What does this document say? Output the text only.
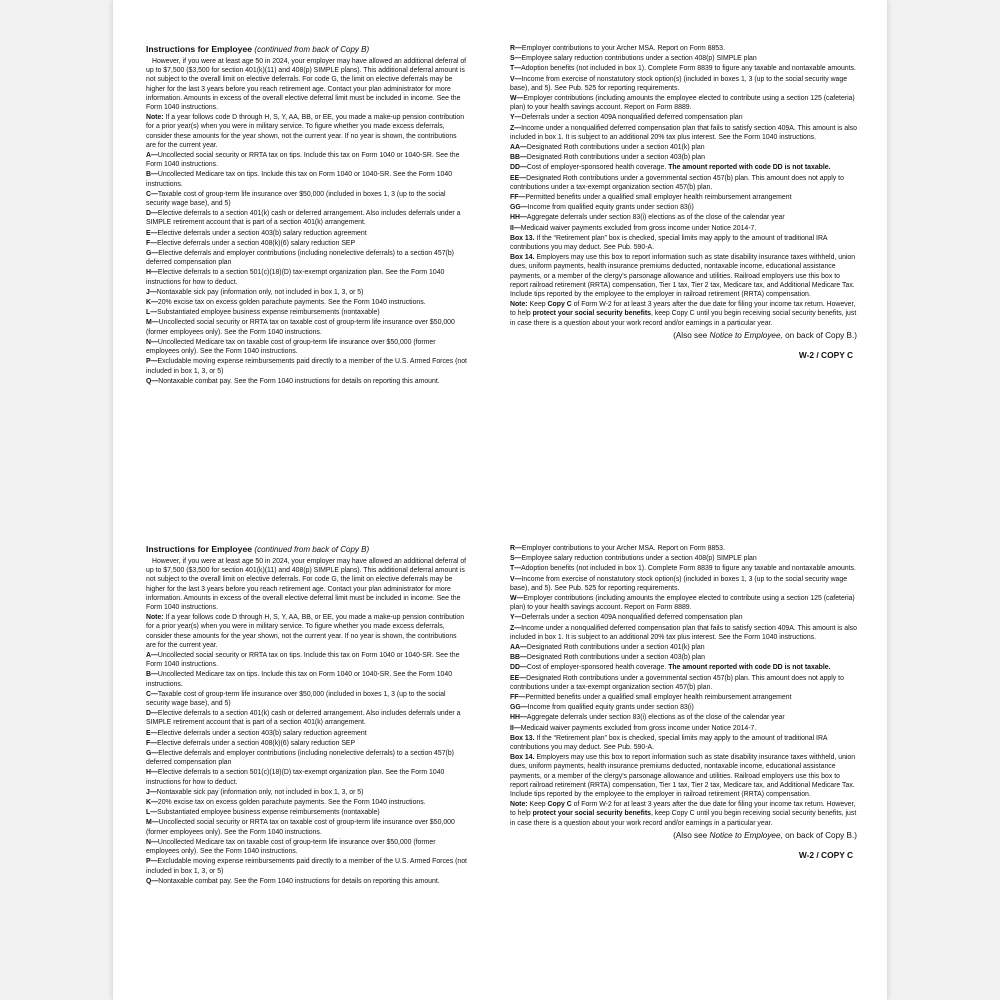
Instructions for Employee (continued from back of Copy B)
However, if you were at least age 50 in 2024, your employer may have allowed an additional deferral of up to $7,500 ($3,500 for section 401(k)(11) and 408(p) SIMPLE plans). This additional deferral amount is not subject to the overall limit on elective deferrals. For code G, the limit on elective deferrals may be higher for the last 3 years before you reach retirement age. Contact your plan administrator for more information. Amounts in excess of the overall elective deferral limit must be included in income. See the Form 1040 instructions.
Note: If a year follows code D through H, S, Y, AA, BB, or EE, you made a make-up pension contribution for a prior year(s) when you were in military service. To figure whether you made excess deferrals, consider these amounts for the year shown, not the current year. If no year is shown, the contributions are for the current year.
A—Uncollected social security or RRTA tax on tips. Include this tax on Form 1040 or 1040-SR. See the Form 1040 instructions.
B—Uncollected Medicare tax on tips. Include this tax on Form 1040 or 1040-SR. See the Form 1040 instructions.
C—Taxable cost of group-term life insurance over $50,000 (included in boxes 1, 3 (up to the social security wage base), and 5)
D—Elective deferrals to a section 401(k) cash or deferred arrangement. Also includes deferrals under a SIMPLE retirement account that is part of a section 401(k) arrangement.
E—Elective deferrals under a section 403(b) salary reduction agreement
F—Elective deferrals under a section 408(k)(6) salary reduction SEP
G—Elective deferrals and employer contributions (including nonelective deferrals) to a section 457(b) deferred compensation plan
H—Elective deferrals to a section 501(c)(18)(D) tax-exempt organization plan. See the Form 1040 instructions for how to deduct.
J—Nontaxable sick pay (information only, not included in box 1, 3, or 5)
K—20% excise tax on excess golden parachute payments. See the Form 1040 instructions.
L—Substantiated employee business expense reimbursements (nontaxable)
M—Uncollected social security or RRTA tax on taxable cost of group-term life insurance over $50,000 (former employees only). See the Form 1040 instructions.
N—Uncollected Medicare tax on taxable cost of group-term life insurance over $50,000 (former employees only). See the Form 1040 instructions.
P—Excludable moving expense reimbursements paid directly to a member of the U.S. Armed Forces (not included in box 1, 3, or 5)
Q—Nontaxable combat pay. See the Form 1040 instructions for details on reporting this amount.
R—Employer contributions to your Archer MSA. Report on Form 8853.
S—Employee salary reduction contributions under a section 408(p) SIMPLE plan
T—Adoption benefits (not included in box 1). Complete Form 8839 to figure any taxable and nontaxable amounts.
V—Income from exercise of nonstatutory stock option(s) (included in boxes 1, 3 (up to the social security wage base), and 5). See Pub. 525 for reporting requirements.
W—Employer contributions (including amounts the employee elected to contribute using a section 125 (cafeteria) plan) to your health savings account. Report on Form 8889.
Y—Deferrals under a section 409A nonqualified deferred compensation plan
Z—Income under a nonqualified deferred compensation plan that fails to satisfy section 409A. This amount is also included in box 1. It is subject to an additional 20% tax plus interest. See the Form 1040 instructions.
AA—Designated Roth contributions under a section 401(k) plan
BB—Designated Roth contributions under a section 403(b) plan
DD—Cost of employer-sponsored health coverage. The amount reported with code DD is not taxable.
EE—Designated Roth contributions under a governmental section 457(b) plan. This amount does not apply to contributions under a tax-exempt organization section 457(b) plan.
FF—Permitted benefits under a qualified small employer health reimbursement arrangement
GG—Income from qualified equity grants under section 83(i)
HH—Aggregate deferrals under section 83(i) elections as of the close of the calendar year
II—Medicaid waiver payments excluded from gross income under Notice 2014-7.
Box 13. If the “Retirement plan” box is checked, special limits may apply to the amount of traditional IRA contributions you may deduct. See Pub. 590-A.
Box 14. Employers may use this box to report information such as state disability insurance taxes withheld, union dues, uniform payments, health insurance premiums deducted, nontaxable income, educational assistance payments, or a member of the clergy's parsonage allowance and utilities. Railroad employers use this box to report railroad retirement (RRTA) compensation, Tier 1 tax, Tier 2 tax, Medicare tax, and Additional Medicare Tax. Include tips reported by the employee to the employer in railroad retirement (RRTA) compensation.
Note: Keep Copy C of Form W-2 for at least 3 years after the due date for filing your income tax return. However, to help protect your social security benefits, keep Copy C until you begin receiving social security benefits, just in case there is a question about your work record and/or earnings in a particular year.
(Also see Notice to Employee, on back of Copy B.)
W-2 / COPY C
Instructions for Employee (continued from back of Copy B)
However, if you were at least age 50 in 2024, your employer may have allowed an additional deferral of up to $7,500 ($3,500 for section 401(k)(11) and 408(p) SIMPLE plans). This additional deferral amount is not subject to the overall limit on elective deferrals. For code G, the limit on elective deferrals may be higher for the last 3 years before you reach retirement age. Contact your plan administrator for more information. Amounts in excess of the overall elective deferral limit must be included in income. See the Form 1040 instructions.
Note: If a year follows code D through H, S, Y, AA, BB, or EE, you made a make-up pension contribution for a prior year(s) when you were in military service. To figure whether you made excess deferrals, consider these amounts for the year shown, not the current year. If no year is shown, the contributions are for the current year.
A—Uncollected social security or RRTA tax on tips. Include this tax on Form 1040 or 1040-SR. See the Form 1040 instructions.
B—Uncollected Medicare tax on tips. Include this tax on Form 1040 or 1040-SR. See the Form 1040 instructions.
C—Taxable cost of group-term life insurance over $50,000 (included in boxes 1, 3 (up to the social security wage base), and 5)
D—Elective deferrals to a section 401(k) cash or deferred arrangement. Also includes deferrals under a SIMPLE retirement account that is part of a section 401(k) arrangement.
E—Elective deferrals under a section 403(b) salary reduction agreement
F—Elective deferrals under a section 408(k)(6) salary reduction SEP
G—Elective deferrals and employer contributions (including nonelective deferrals) to a section 457(b) deferred compensation plan
H—Elective deferrals to a section 501(c)(18)(D) tax-exempt organization plan. See the Form 1040 instructions for how to deduct.
J—Nontaxable sick pay (information only, not included in box 1, 3, or 5)
K—20% excise tax on excess golden parachute payments. See the Form 1040 instructions.
L—Substantiated employee business expense reimbursements (nontaxable)
M—Uncollected social security or RRTA tax on taxable cost of group-term life insurance over $50,000 (former employees only). See the Form 1040 instructions.
N—Uncollected Medicare tax on taxable cost of group-term life insurance over $50,000 (former employees only). See the Form 1040 instructions.
P—Excludable moving expense reimbursements paid directly to a member of the U.S. Armed Forces (not included in box 1, 3, or 5)
Q—Nontaxable combat pay. See the Form 1040 instructions for details on reporting this amount.
R—Employer contributions to your Archer MSA. Report on Form 8853.
S—Employee salary reduction contributions under a section 408(p) SIMPLE plan
T—Adoption benefits (not included in box 1). Complete Form 8839 to figure any taxable and nontaxable amounts.
V—Income from exercise of nonstatutory stock option(s) (included in boxes 1, 3 (up to the social security wage base), and 5). See Pub. 525 for reporting requirements.
W—Employer contributions (including amounts the employee elected to contribute using a section 125 (cafeteria) plan) to your health savings account. Report on Form 8889.
Y—Deferrals under a section 409A nonqualified deferred compensation plan
Z—Income under a nonqualified deferred compensation plan that fails to satisfy section 409A. This amount is also included in box 1. It is subject to an additional 20% tax plus interest. See the Form 1040 instructions.
AA—Designated Roth contributions under a section 401(k) plan
BB—Designated Roth contributions under a section 403(b) plan
DD—Cost of employer-sponsored health coverage. The amount reported with code DD is not taxable.
EE—Designated Roth contributions under a governmental section 457(b) plan. This amount does not apply to contributions under a tax-exempt organization section 457(b) plan.
FF—Permitted benefits under a qualified small employer health reimbursement arrangement
GG—Income from qualified equity grants under section 83(i)
HH—Aggregate deferrals under section 83(i) elections as of the close of the calendar year
II—Medicaid waiver payments excluded from gross income under Notice 2014-7.
Box 13. If the “Retirement plan” box is checked, special limits may apply to the amount of traditional IRA contributions you may deduct. See Pub. 590-A.
Box 14. Employers may use this box to report information such as state disability insurance taxes withheld, union dues, uniform payments, health insurance premiums deducted, nontaxable income, educational assistance payments, or a member of the clergy's parsonage allowance and utilities. Railroad employers use this box to report railroad retirement (RRTA) compensation, Tier 1 tax, Tier 2 tax, Medicare tax, and Additional Medicare Tax. Include tips reported by the employee to the employer in railroad retirement (RRTA) compensation.
Note: Keep Copy C of Form W-2 for at least 3 years after the due date for filing your income tax return. However, to help protect your social security benefits, keep Copy C until you begin receiving social security benefits, just in case there is a question about your work record and/or earnings in a particular year.
(Also see Notice to Employee, on back of Copy B.)
W-2 / COPY C
